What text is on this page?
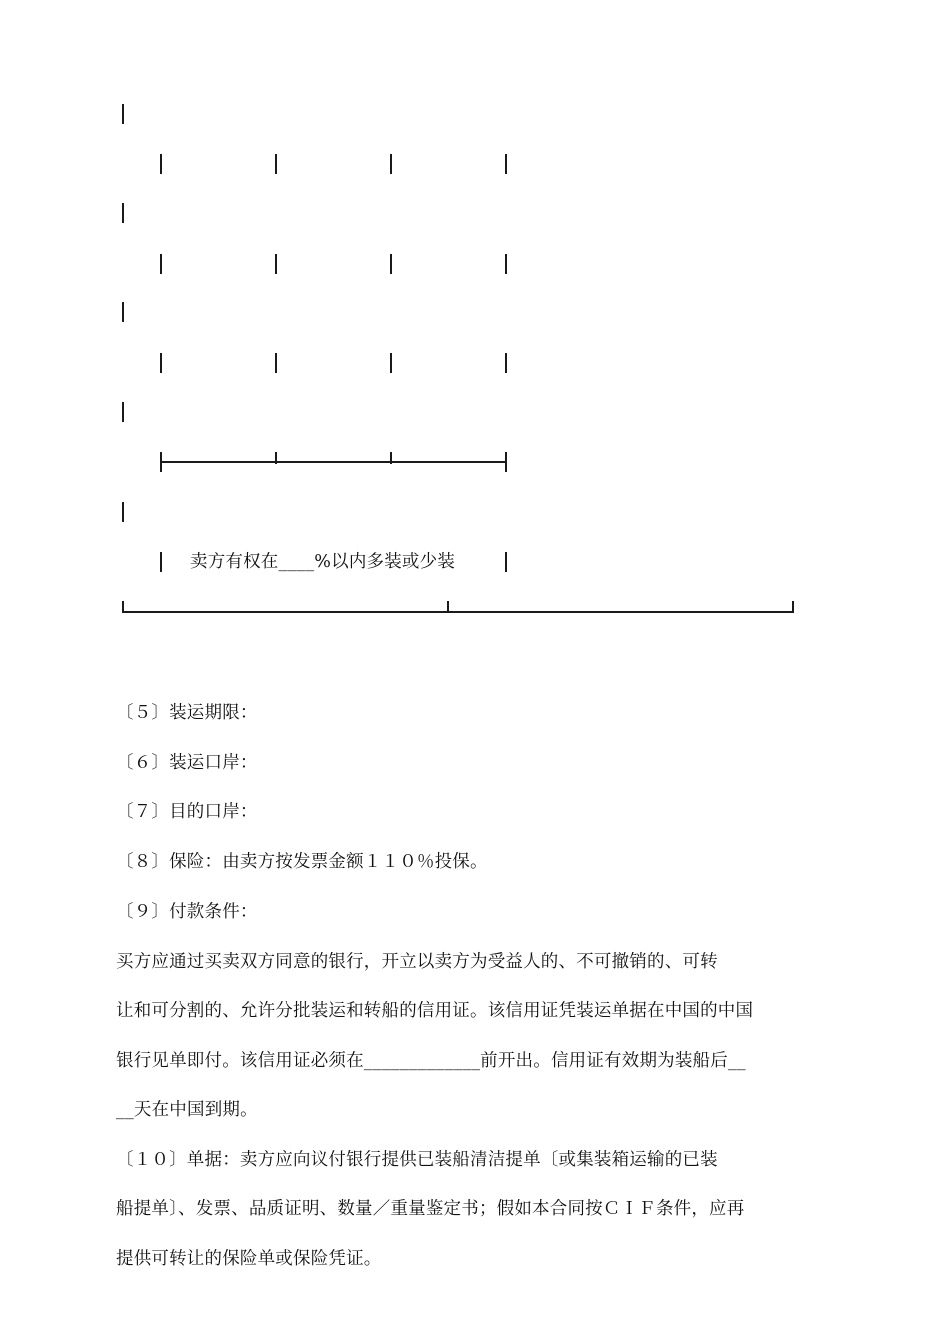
卖方有权在____%以内多装或少装
〔５〕装运期限：
〔６〕装运口岸：
〔７〕目的口岸：
〔８〕保险：由卖方按发票金额１１０％投保。
〔９〕付款条件：
买方应通过买卖双方同意的银行，开立以卖方为受益人的、不可撤销的、可转
让和可分割的、允许分批装运和转船的信用证。该信用证凭装运单据在中国的中国
银行见单即付。该信用证必须在_____________前开出。信用证有效期为装船后__
__天在中国到期。
〔１０〕单据：卖方应向议付银行提供已装船清洁提单〔或集装箱运输的已装
船提单〕、发票、品质证明、数量／重量鉴定书；假如本合同按ＣＩＦ条件，应再
提供可转让的保险单或保险凭证。
